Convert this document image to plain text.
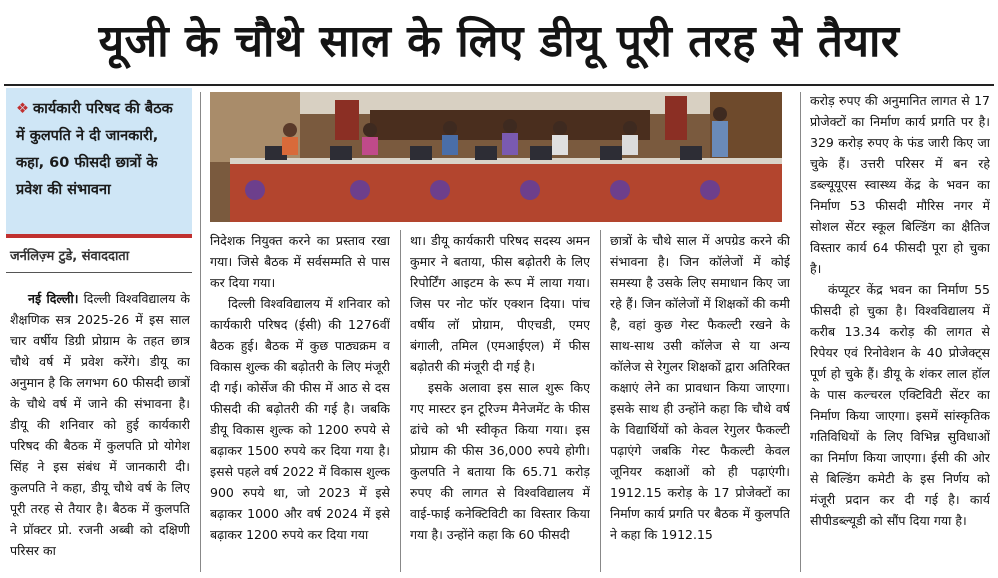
यूजी के चौथे साल के लिए डीयू पूरी तरह से तैयार
❖ कार्यकारी परिषद की बैठक में कुलपति ने दी जानकारी, कहा, 60 फीसदी छात्रों के प्रवेश की संभावना
जर्नलिज़्म टुडे, संवाददाता
नई दिल्ली। दिल्ली विश्वविद्यालय के शैक्षणिक सत्र 2025-26 में इस साल चार वर्षीय डिग्री प्रोग्राम के तहत छात्र चौथे वर्ष में प्रवेश करेंगे। डीयू का अनुमान है कि लगभग 60 फीसदी छात्रों के चौथे वर्ष में जाने की संभावना है। डीयू की शनिवार को हुई कार्यकारी परिषद की बैठक में कुलपति प्रो योगेश सिंह ने इस संबंध में जानकारी दी। कुलपति ने कहा, डीयू चौथे वर्ष के लिए पूरी तरह से तैयार है। बैठक में कुलपति ने प्रॉक्टर प्रो. रजनी अब्बी को दक्षिणी परिसर का
निदेशक नियुक्त करने का प्रस्ताव रखा गया। जिसे बैठक में सर्वसम्मति से पास कर दिया गया।
दिल्ली विश्वविद्यालय में शनिवार को कार्यकारी परिषद (ईसी) की 1276वीं बैठक हुई। बैठक में कुछ पाठ्यक्रम व विकास शुल्क की बढ़ोतरी के लिए मंजूरी दी गई। कोर्सेज की फीस में आठ से दस फीसदी की बढ़ोतरी की गई है। जबकि डीयू विकास शुल्क को 1200 रुपये से बढ़ाकर 1500 रुपये कर दिया गया है। इससे पहले वर्ष 2022 में विकास शुल्क 900 रुपये था, जो 2023 में इसे बढ़ाकर 1000 और वर्ष 2024 में इसे बढ़ाकर 1200 रुपये कर दिया गया
था। डीयू कार्यकारी परिषद सदस्य अमन कुमार ने बताया, फीस बढ़ोतरी के लिए रिपोर्टिंग आइटम के रूप में लाया गया। जिस पर नोट फॉर एक्शन दिया। पांच वर्षीय लॉ प्रोग्राम, पीएचडी, एमए बंगाली, तमिल (एमआईएल) में फीस बढ़ोतरी की मंजूरी दी गई है।
इसके अलावा इस साल शुरू किए गए मास्टर इन टूरिज्म मैनेजमेंट के फीस ढांचे को भी स्वीकृत किया गया। इस प्रोग्राम की फीस 36,000 रुपये होगी। कुलपति ने बताया कि 65.71 करोड़ रुपए की लागत से विश्वविद्यालय में वाई-फाई कनेक्टिविटी का विस्तार किया गया है। उन्होंने कहा कि 60 फीसदी
छात्रों के चौथे साल में अपग्रेड करने की संभावना है। जिन कॉलेजों में कोई समस्या है उसके लिए समाधान किए जा रहे हैं। जिन कॉलेजों में शिक्षकों की कमी है, वहां कुछ गेस्ट फैकल्टी रखने के साथ-साथ उसी कॉलेज से या अन्य कॉलेज से रेगुलर शिक्षकों द्वारा अतिरिक्त कक्षाएं लेने का प्रावधान किया जाएगा। इसके साथ ही उन्होंने कहा कि चौथे वर्ष के विद्यार्थियों को केवल रेगुलर फैकल्टी पढ़ाएंगे जबकि गेस्ट फैकल्टी केवल जूनियर कक्षाओं को ही पढ़ाएंगी। 1912.15 करोड़ के 17 प्रोजेक्टों का निर्माण कार्य प्रगति पर बैठक में कुलपति ने कहा कि 1912.15
करोड़ रुपए की अनुमानित लागत से 17 प्रोजेक्टों का निर्माण कार्य प्रगति पर है। 329 करोड़ रुपए के फंड जारी किए जा चुके हैं। उत्तरी परिसर में बन रहे डब्ल्यूयूएस स्वास्थ्य केंद्र के भवन का निर्माण 53 फीसदी मौरिस नगर में सोशल सेंटर स्कूल बिल्डिंग का क्षैतिज विस्तार कार्य 64 फीसदी पूरा हो चुका है।
कंप्यूटर केंद्र भवन का निर्माण 55 फीसदी हो चुका है। विश्वविद्यालय में करीब 13.34 करोड़ की लागत से रिपेयर एवं रिनोवेशन के 40 प्रोजेक्ट्स पूर्ण हो चुके हैं। डीयू के शंकर लाल हॉल के पास कल्चरल एक्टिविटी सेंटर का निर्माण किया जाएगा। इसमें सांस्कृतिक गतिविधियों के लिए विभिन्न सुविधाओं का निर्माण किया जाएगा। ईसी की ओर से बिल्डिंग कमेटी के इस निर्णय को मंजूरी प्रदान कर दी गई है। कार्य सीपीडब्ल्यूडी को सौंप दिया गया है।
